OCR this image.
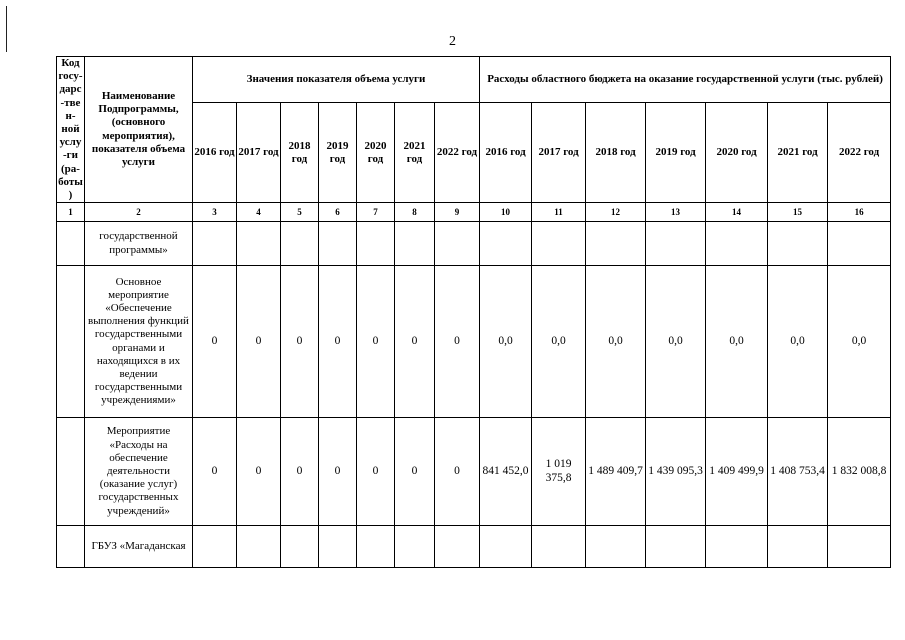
2
Код госу-дарс-твен-ной услу-ги (ра-боты)	Наименование Подпрограммы, (основного мероприятия), показателя объема услуги	Значения показателя объема услуги							Расходы областного бюджета на оказание государственной услуги (тыс. рублей)						
		2016 год	2017 год	2018 год	2019 год	2020 год	2021 год	2022 год	2016 год	2017 год	2018 год	2019 год	2020 год	2021 год	2022 год
1	2	3	4	5	6	7	8	9	10	11	12	13	14	15	16
	государственной программы»														
	Основное мероприятие «Обеспечение выполнения функций государственными органами и находящихся в их ведении государственными учреждениями»	0	0	0	0	0	0	0	0,0	0,0	0,0	0,0	0,0	0,0	0,0
	Мероприятие «Расходы на обеспечение деятельности (оказание услуг) государственных учреждений»	0	0	0	0	0	0	0	841 452,0	1 019 375,8	1 489 409,7	1 439 095,3	1 409 499,9	1 408 753,4	1 832 008,8
	ГБУЗ «Магаданская														
